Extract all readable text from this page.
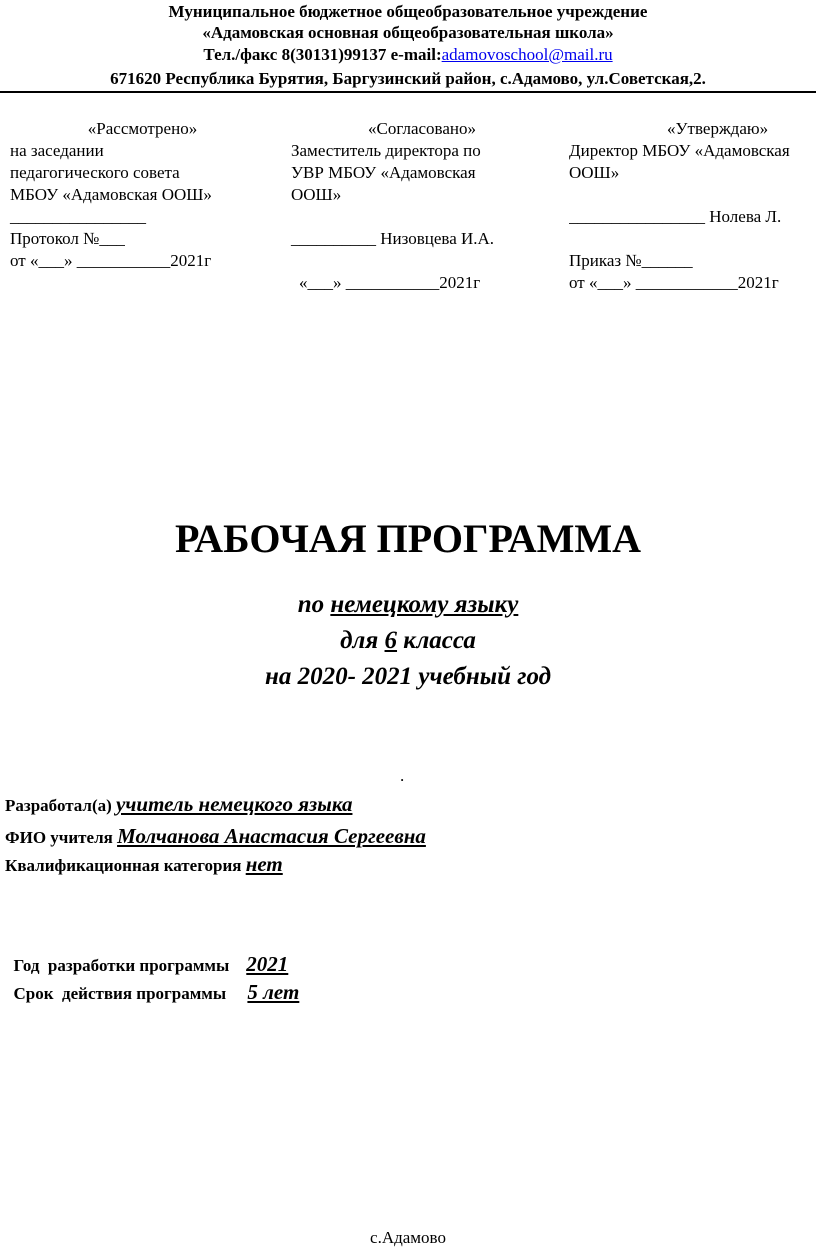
Муниципальное бюджетное общеобразовательное учреждение
«Адамовская основная общеобразовательная школа»
Тел./факс 8(30131)99137 e-mail:adamovoschool@mail.ru
671620 Республика Бурятия, Баргузинский район, с.Адамово, ул.Советская,2.
«Рассмотрено»
на заседании
педагогического совета
МБОУ «Адамовская ООШ»
________________
Протокол №___
от «___» ___________2021г
«Согласовано»
Заместитель директора по
УВР МБОУ «Адамовская
ООШ»
__________ Низовцева И.А.
«___» ___________2021г
«Утверждаю»
Директор МБОУ «Адамовская
ООШ»
________________ Нолева Л.
Приказ №______
от «___» ____________2021г
РАБОЧАЯ ПРОГРАММА
по немецкому языку
для 6 класса
на 2020- 2021 учебный год
.
Разработал(а) учитель немецкого языка
ФИО учителя Молчанова Анастасия Сергеевна
Квалификационная категория нет

Год  разработки программы    2021

Срок  действия программы     5 лет

с.Адамово
